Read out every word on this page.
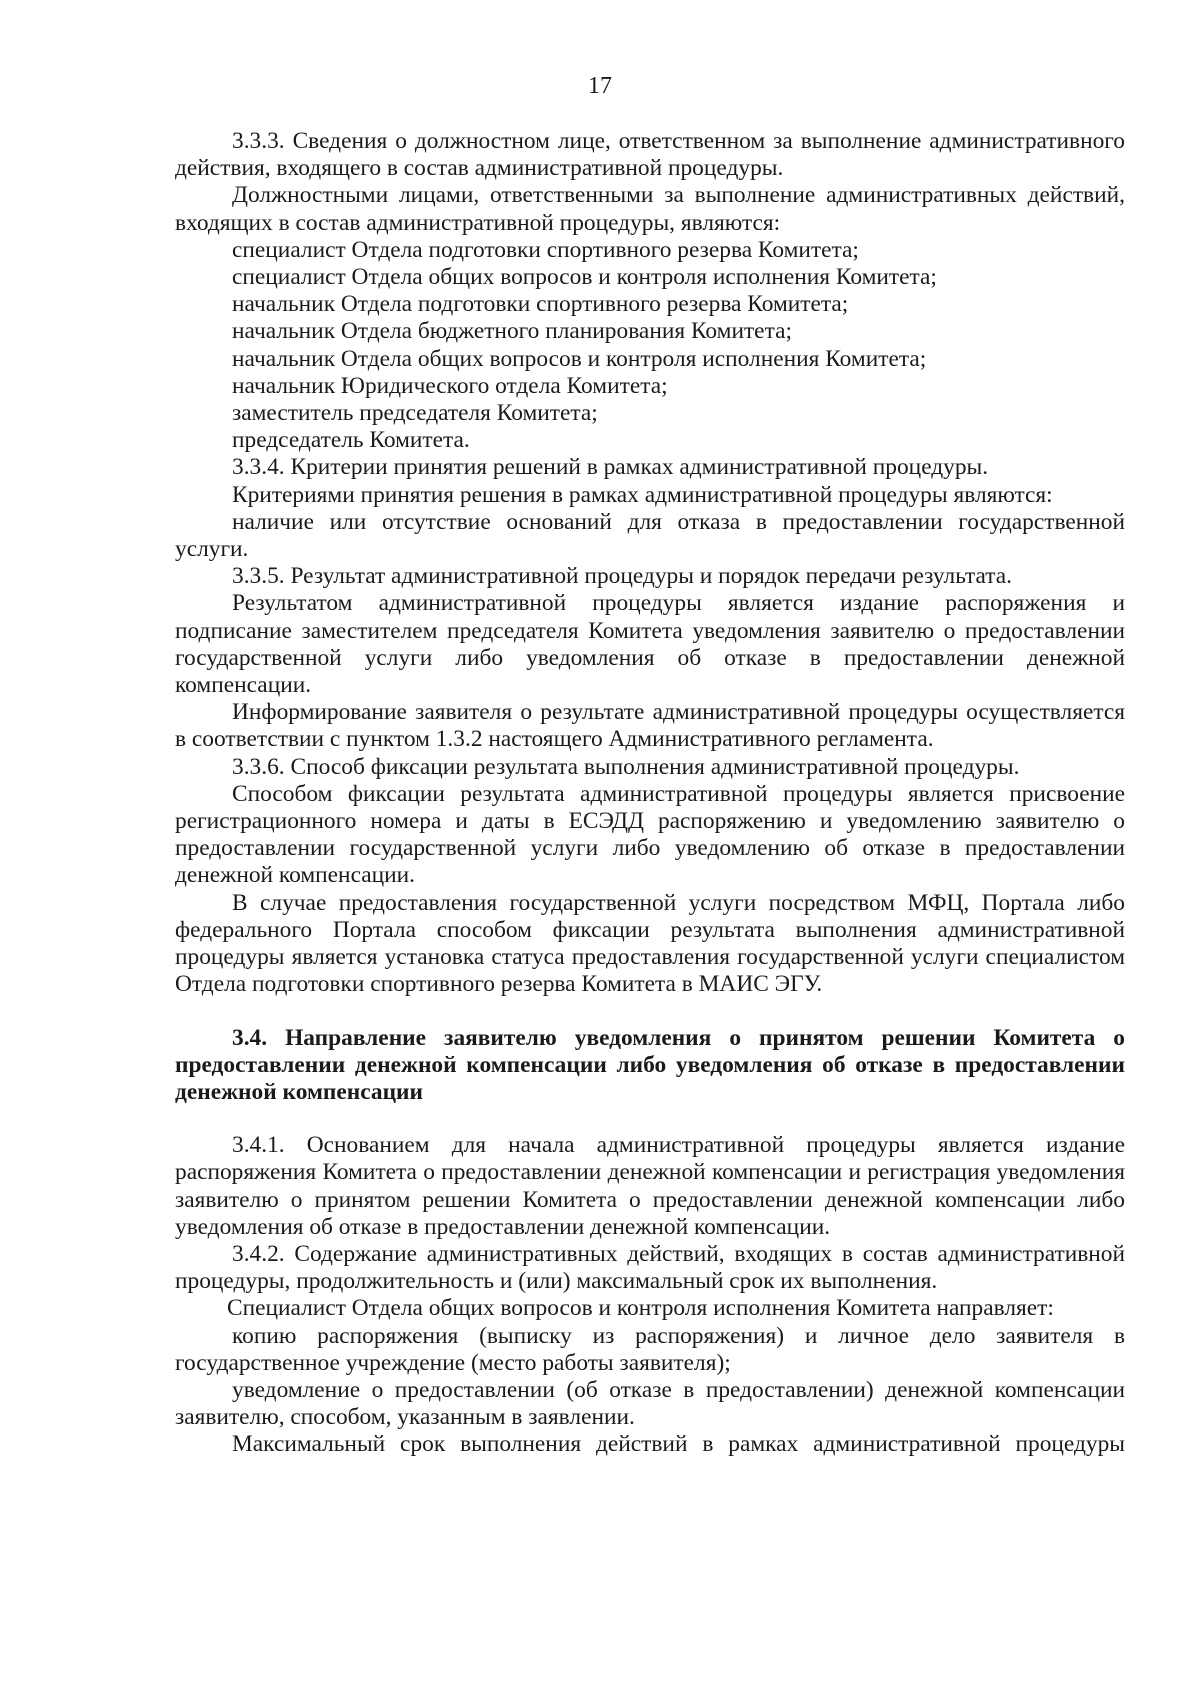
17

3.3.3. Сведения о должностном лице, ответственном за выполнение административного действия, входящего в состав административной процедуры.

Должностными лицами, ответственными за выполнение административных действий, входящих в состав административной процедуры, являются:

специалист Отдела подготовки спортивного резерва Комитета;

специалист Отдела общих вопросов и контроля исполнения Комитета;

начальник Отдела подготовки спортивного резерва Комитета;

начальник Отдела бюджетного планирования Комитета;

начальник Отдела общих вопросов и контроля исполнения Комитета;

начальник Юридического отдела Комитета;

заместитель председателя Комитета;

председатель Комитета.

3.3.4. Критерии принятия решений в рамках административной процедуры.

Критериями принятия решения в рамках административной процедуры являются:

наличие или отсутствие оснований для отказа в предоставлении государственной услуги.

3.3.5. Результат административной процедуры и порядок передачи результата.

Результатом административной процедуры является издание распоряжения и подписание заместителем председателя Комитета уведомления заявителю о предоставлении государственной услуги либо уведомления об отказе в предоставлении денежной компенсации.

Информирование заявителя о результате административной процедуры осуществляется в соответствии с пунктом 1.3.2 настоящего Административного регламента.

3.3.6. Способ фиксации результата выполнения административной процедуры.

Способом фиксации результата административной процедуры является присвоение регистрационного номера и даты в ЕСЭДД распоряжению и уведомлению заявителю о предоставлении государственной услуги либо уведомлению об отказе в предоставлении денежной компенсации.

В случае предоставления государственной услуги посредством МФЦ, Портала либо федерального Портала способом фиксации результата выполнения административной процедуры является установка статуса предоставления государственной услуги специалистом Отдела подготовки спортивного резерва Комитета в МАИС ЭГУ.

3.4. Направление заявителю уведомления о принятом решении Комитета о предоставлении денежной компенсации либо уведомления об отказе в предоставлении денежной компенсации

3.4.1. Основанием для начала административной процедуры является издание распоряжения Комитета о предоставлении денежной компенсации и регистрация уведомления заявителю о принятом решении Комитета о предоставлении денежной компенсации либо уведомления об отказе в предоставлении денежной компенсации.

3.4.2. Содержание административных действий, входящих в состав административной процедуры, продолжительность и (или) максимальный срок их выполнения.

Специалист Отдела общих вопросов и контроля исполнения Комитета направляет:

копию распоряжения (выписку из распоряжения) и личное дело заявителя в государственное учреждение (место работы заявителя);

уведомление о предоставлении (об отказе в предоставлении) денежной компенсации заявителю, способом, указанным в заявлении.

Максимальный срок выполнения действий в рамках административной процедуры
